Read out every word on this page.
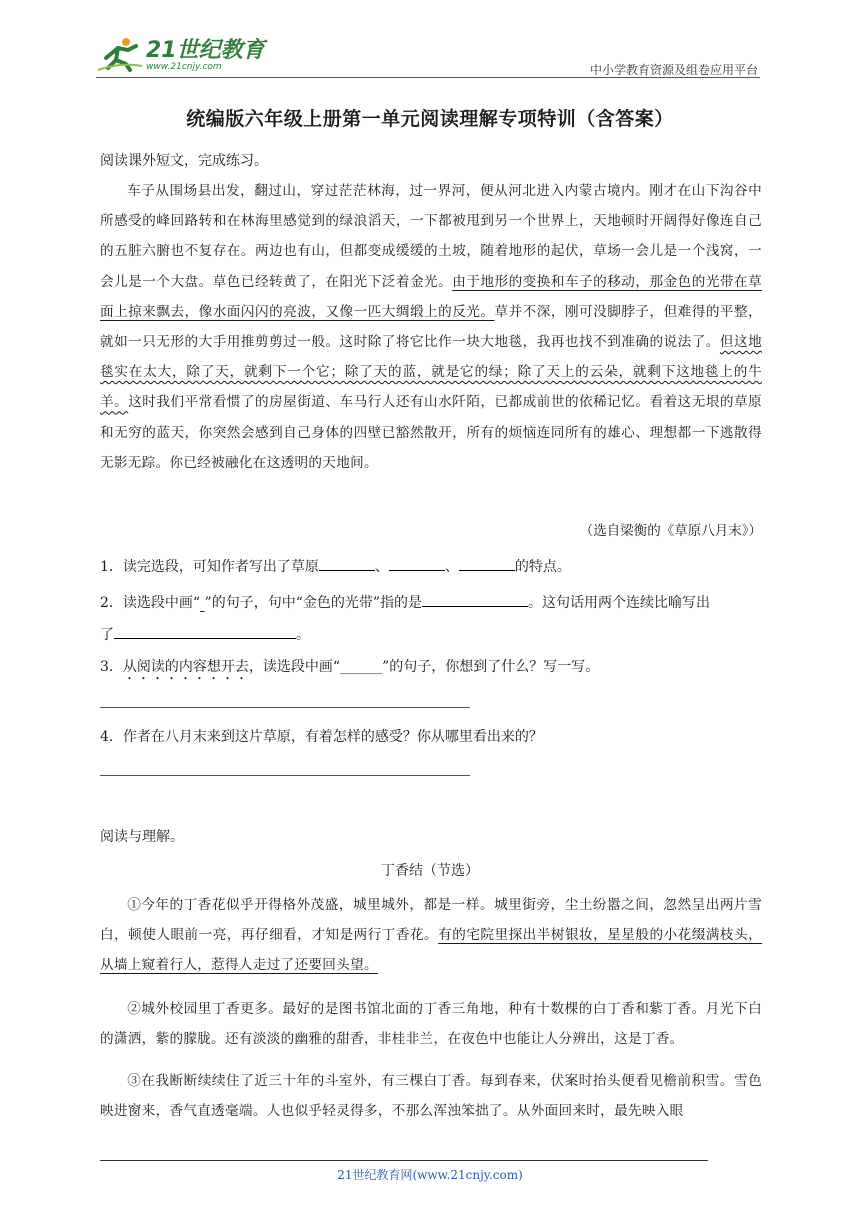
21世纪教育
www.21cnjy.com	中小学教育资源及组卷应用平台
统编版六年级上册第一单元阅读理解专项特训（含答案）
阅读课外短文，完成练习。
车子从围场县出发，翻过山，穿过茫茫林海，过一界河，便从河北进入内蒙古境内。刚才在山下沟谷中所感受的峰回路转和在林海里感觉到的绿浪滔天，一下都被甩到另一个世界上，天地顿时开阔得好像连自己的五脏六腑也不复存在。两边也有山，但都变成缓缓的土坡，随着地形的起伏，草场一会儿是一个浅窝，一会儿是一个大盘。草色已经转黄了，在阳光下泛着金光。由于地形的变换和车子的移动，那金色的光带在草面上掠来飘去，像水面闪闪的亮波，又像一匹大绸缎上的反光。草并不深，刚可没脚脖子，但难得的平整，就如一只无形的大手用推剪剪过一般。这时除了将它比作一块大地毯，我再也找不到准确的说法了。但这地毯实在太大，除了天，就剩下一个它；除了天的蓝，就是它的绿；除了天上的云朵，就剩下这地毯上的牛羊。这时我们平常看惯了的房屋街道、车马行人还有山水阡陌，已都成前世的依稀记忆。看着这无垠的草原和无穷的蓝天，你突然会感到自己身体的四壁已豁然散开，所有的烦恼连同所有的雄心、理想都一下逃散得无影无踪。你已经被融化在这透明的天地间。
（选自梁衡的《草原八月末》）
1．读完选段，可知作者写出了草原	、	、	的特点。
2．读选段中画“ ”的句子，句中“金色的光带”指的是	。这句话用两个连续比喻写出
了	。
3．从阅读的内容想开去，读选段中画“______”的句子，你想到了什么？写一写。
4．作者在八月末来到这片草原，有着怎样的感受？你从哪里看出来的？
阅读与理解。
丁香结（节选）
①今年的丁香花似乎开得格外茂盛，城里城外，都是一样。城里街旁，尘土纷嚣之间，忽然呈出两片雪白，顿使人眼前一亮，再仔细看，才知是两行丁香花。有的宅院里探出半树银妆，星星般的小花缀满枝头，从墙上窥着行人，惹得人走过了还要回头望。
②城外校园里丁香更多。最好的是图书馆北面的丁香三角地，种有十数棵的白丁香和紫丁香。月光下白的潇洒，紫的朦胧。还有淡淡的幽雅的甜香，非桂非兰，在夜色中也能让人分辨出，这是丁香。
③在我断断续续住了近三十年的斗室外，有三棵白丁香。每到春来，伏案时抬头便看见檐前积雪。雪色映进窗来，香气直透毫端。人也似乎轻灵得多，不那么浑浊笨拙了。从外面回来时，最先映入眼
21世纪教育网(www.21cnjy.com)
